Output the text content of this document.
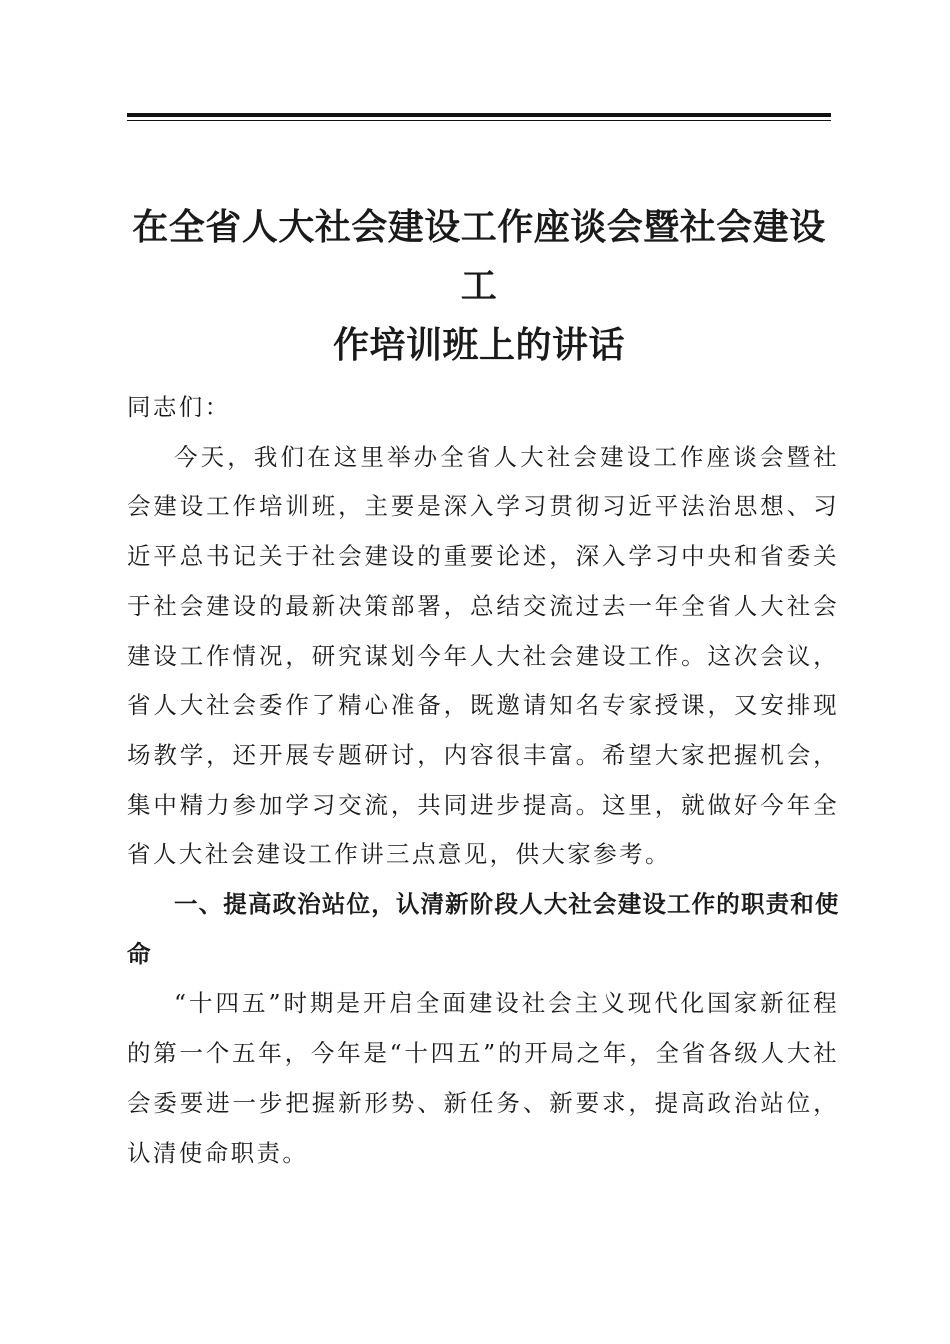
在全省人大社会建设工作座谈会暨社会建设工
作培训班上的讲话

同志们：

今天，我们在这里举办全省人大社会建设工作座谈会暨社会建设工作培训班，主要是深入学习贯彻习近平法治思想、习近平总书记关于社会建设的重要论述，深入学习中央和省委关于社会建设的最新决策部署，总结交流过去一年全省人大社会建设工作情况，研究谋划今年人大社会建设工作。这次会议，省人大社会委作了精心准备，既邀请知名专家授课，又安排现场教学，还开展专题研讨，内容很丰富。希望大家把握机会，集中精力参加学习交流，共同进步提高。这里，就做好今年全省人大社会建设工作讲三点意见，供大家参考。

一、提高政治站位，认清新阶段人大社会建设工作的职责和使命

“十四五”时期是开启全面建设社会主义现代化国家新征程的第一个五年，今年是“十四五”的开局之年，全省各级人大社会委要进一步把握新形势、新任务、新要求，提高政治站位，认清使命职责。
